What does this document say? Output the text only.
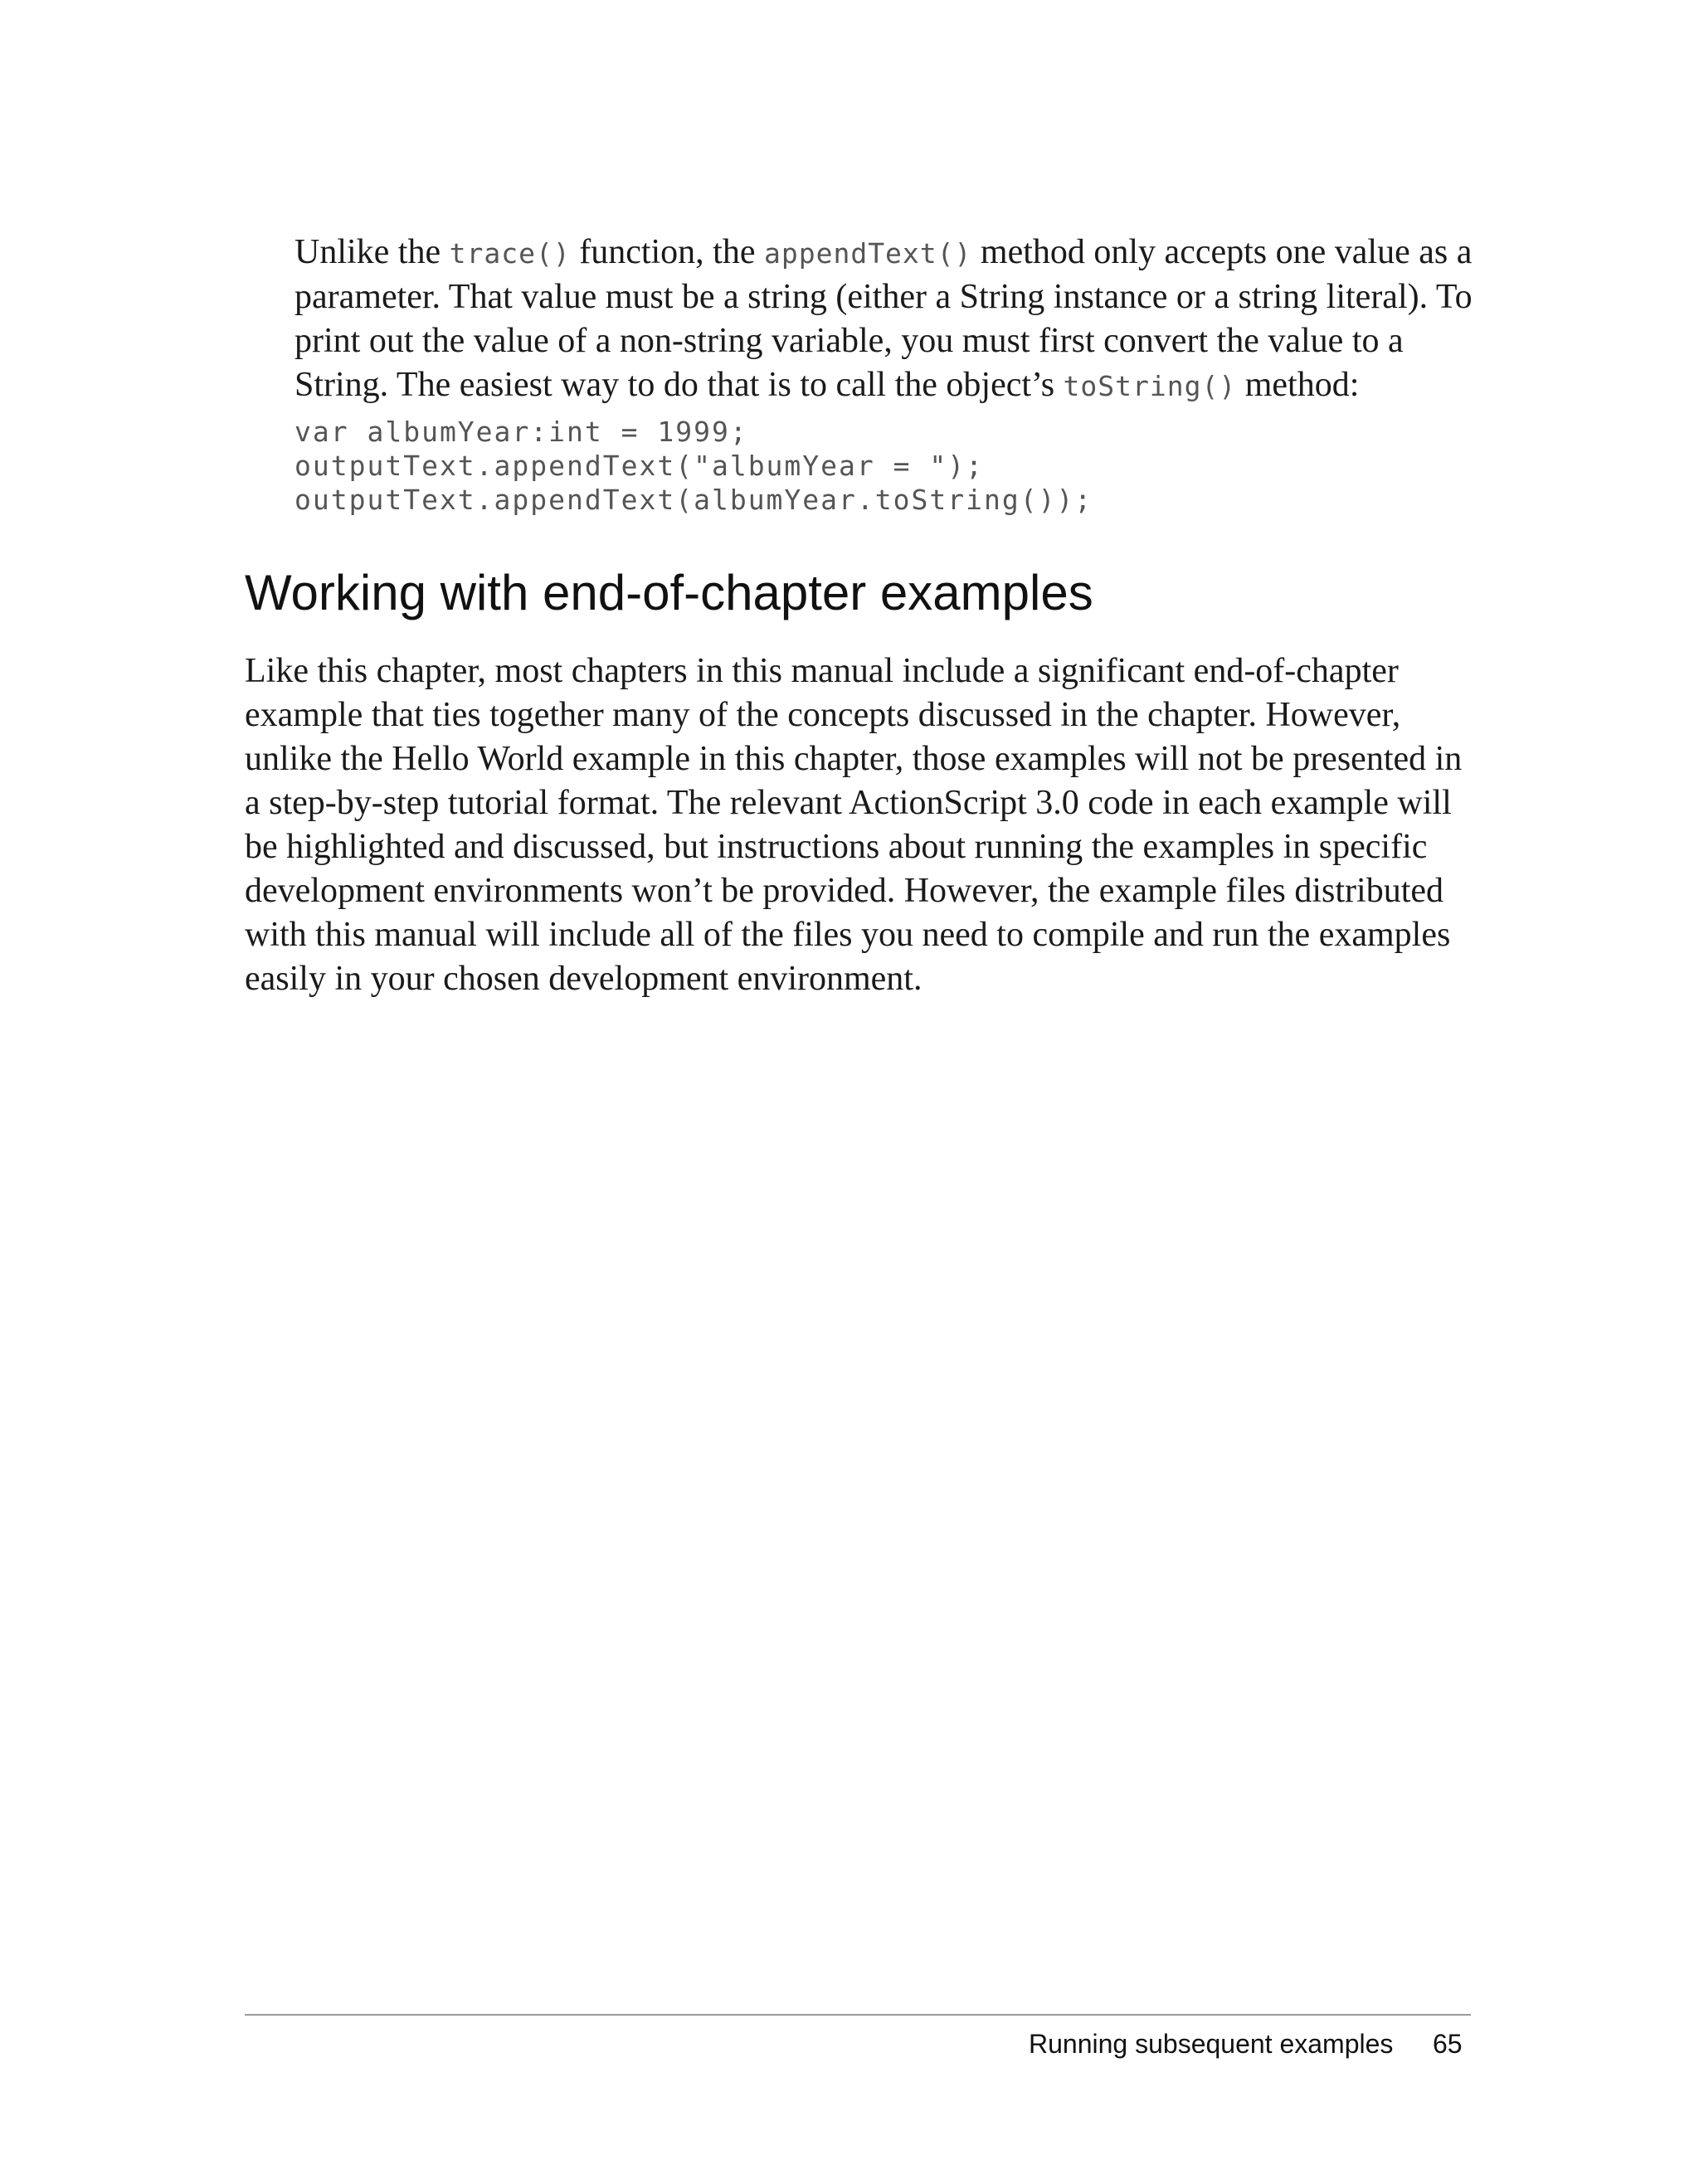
Unlike the trace() function, the appendText() method only accepts one value as a parameter. That value must be a string (either a String instance or a string literal). To print out the value of a non-string variable, you must first convert the value to a String. The easiest way to do that is to call the object’s toString() method:

var albumYear:int = 1999;
outputText.appendText("albumYear = ");
outputText.appendText(albumYear.toString());
Working with end-of-chapter examples

Like this chapter, most chapters in this manual include a significant end-of-chapter example that ties together many of the concepts discussed in the chapter. However, unlike the Hello World example in this chapter, those examples will not be presented in a step-by-step tutorial format. The relevant ActionScript 3.0 code in each example will be highlighted and discussed, but instructions about running the examples in specific development environments won’t be provided. However, the example files distributed with this manual will include all of the files you need to compile and run the examples easily in your chosen development environment.

Running subsequent examples 65
